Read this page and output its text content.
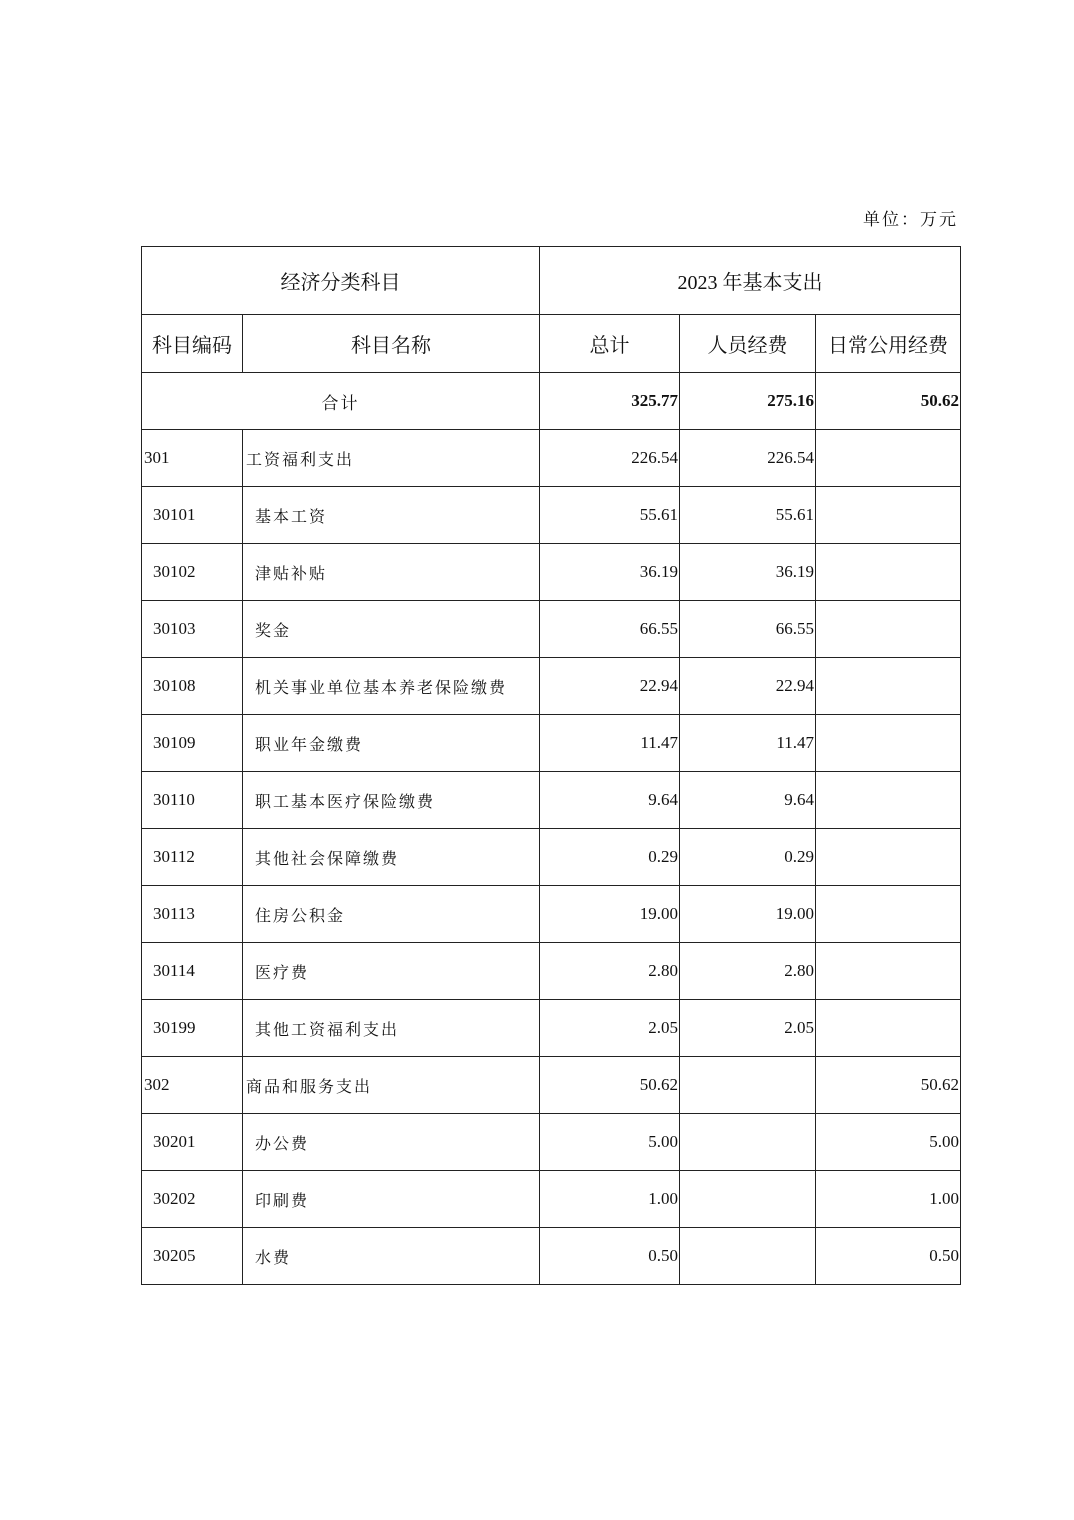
单位：万元
经济分类科目		2023 年基本支出		
科目编码	科目名称	总计	人员经费	日常公用经费
合计		325.77	275.16	50.62
301	工资福利支出	226.54	226.54	
30101	基本工资	55.61	55.61	
30102	津贴补贴	36.19	36.19	
30103	奖金	66.55	66.55	
30108	机关事业单位基本养老保险缴费	22.94	22.94	
30109	职业年金缴费	11.47	11.47	
30110	职工基本医疗保险缴费	9.64	9.64	
30112	其他社会保障缴费	0.29	0.29	
30113	住房公积金	19.00	19.00	
30114	医疗费	2.80	2.80	
30199	其他工资福利支出	2.05	2.05	
302	商品和服务支出	50.62		50.62
30201	办公费	5.00		5.00
30202	印刷费	1.00		1.00
30205	水费	0.50		0.50
